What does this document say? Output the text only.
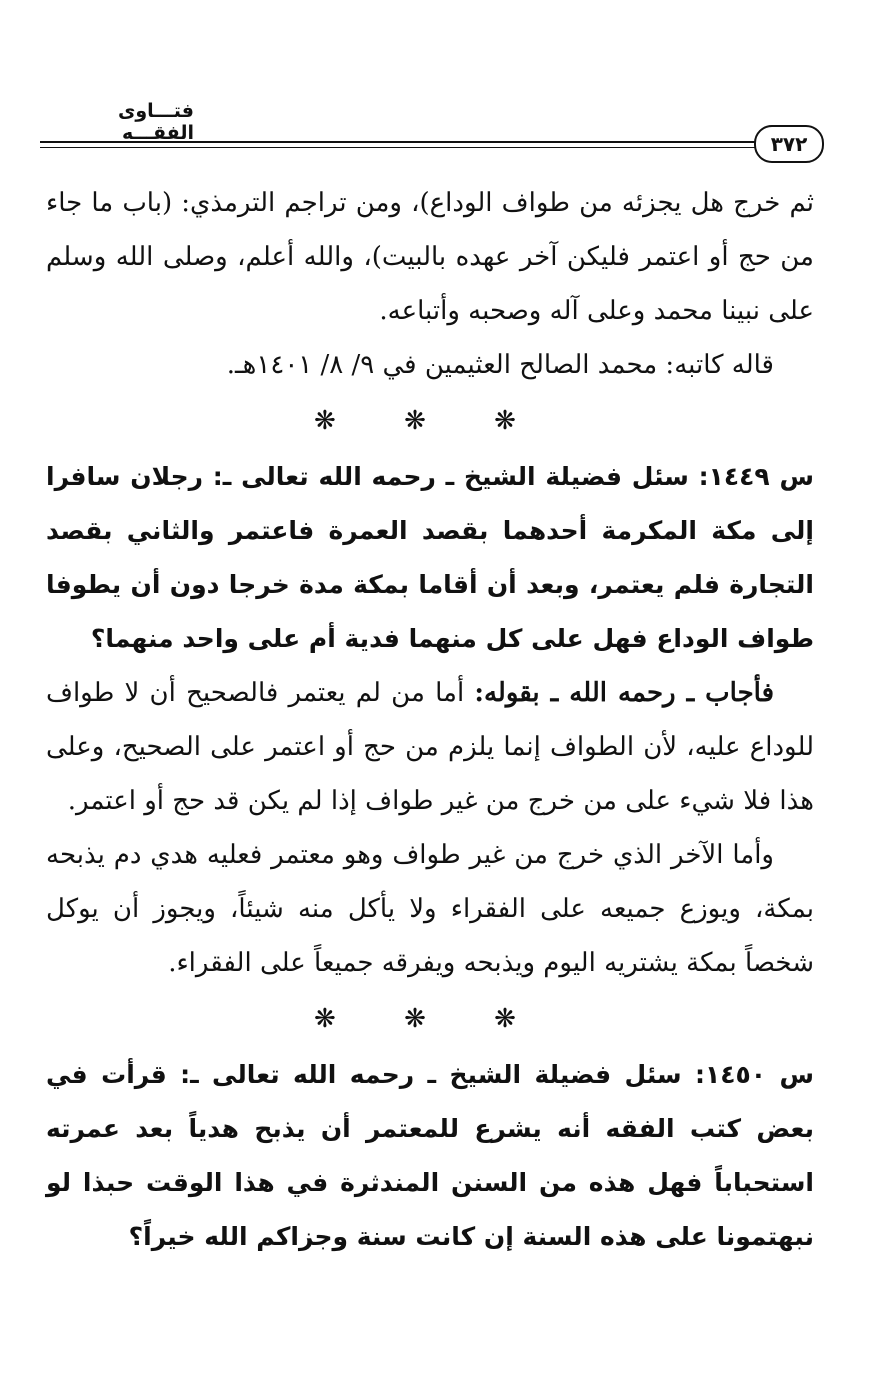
فتـــاوى الفقـــه	٣٧٢

ثم خرج هل يجزئه من طواف الوداع)، ومن تراجم الترمذي: (باب ما جاء من حج أو اعتمر فليكن آخر عهده بالبيت)، والله أعلم، وصلى الله وسلم على نبينا محمد وعلى آله وصحبه وأتباعه.

قاله كاتبه: محمد الصالح العثيمين في ٩/ ٨/ ١٤٠١هـ.

❋ ❋ ❋

س ١٤٤٩: سئل فضيلة الشيخ ـ رحمه الله تعالى ـ: رجلان سافرا إلى مكة المكرمة أحدهما بقصد العمرة فاعتمر والثاني بقصد التجارة فلم يعتمر، وبعد أن أقاما بمكة مدة خرجا دون أن يطوفا طواف الوداع فهل على كل منهما فدية أم على واحد منهما؟

فأجاب ـ رحمه الله ـ بقوله: أما من لم يعتمر فالصحيح أن لا طواف للوداع عليه، لأن الطواف إنما يلزم من حج أو اعتمر على الصحيح، وعلى هذا فلا شيء على من خرج من غير طواف إذا لم يكن قد حج أو اعتمر.

وأما الآخر الذي خرج من غير طواف وهو معتمر فعليه هدي دم يذبحه بمكة، ويوزع جميعه على الفقراء ولا يأكل منه شيئاً، ويجوز أن يوكل شخصاً بمكة يشتريه اليوم ويذبحه ويفرقه جميعاً على الفقراء.

❋ ❋ ❋

س ١٤٥٠: سئل فضيلة الشيخ ـ رحمه الله تعالى ـ: قرأت في بعض كتب الفقه أنه يشرع للمعتمر أن يذبح هدياً بعد عمرته استحباباً فهل هذه من السنن المندثرة في هذا الوقت حبذا لو نبهتمونا على هذه السنة إن كانت سنة وجزاكم الله خيراً؟
